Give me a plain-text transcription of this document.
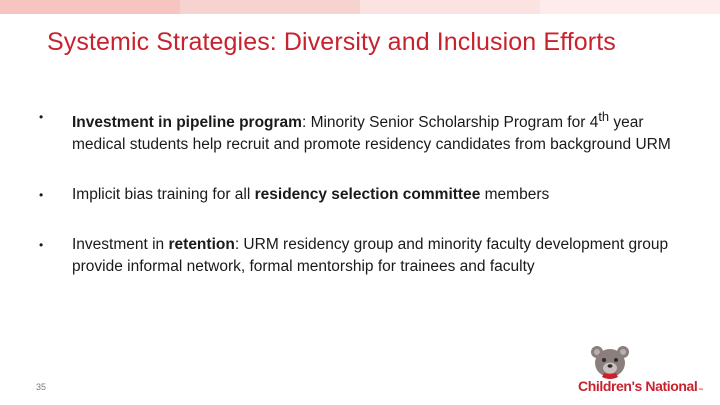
Systemic Strategies: Diversity and Inclusion Efforts
•	Investment in pipeline program: Minority Senior Scholarship Program for 4th year medical students help recruit and promote residency candidates from background URM
•	Implicit bias training for all residency selection committee members
•	Investment in retention: URM residency group and minority faculty development group provide informal network, formal mentorship for trainees and faculty
35	Children's National™
